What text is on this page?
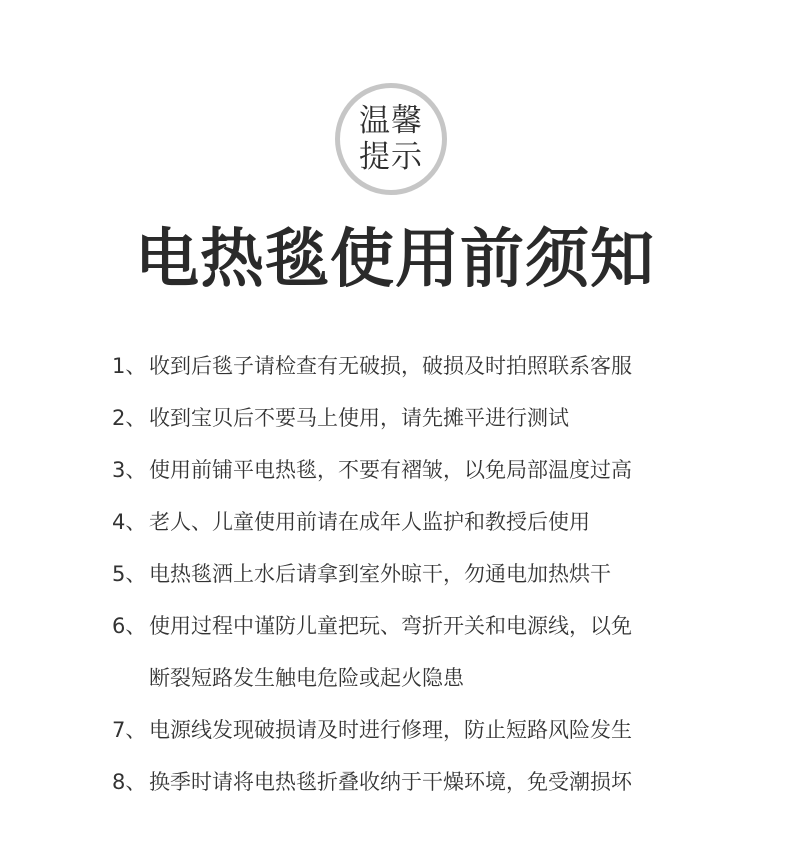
温馨
提示
电热毯使用前须知
1、 收到后毯子请检查有无破损，破损及时拍照联系客服
2、 收到宝贝后不要马上使用，请先摊平进行测试
3、 使用前铺平电热毯，不要有褶皱，以免局部温度过高
4、 老人、儿童使用前请在成年人监护和教授后使用
5、 电热毯洒上水后请拿到室外晾干，勿通电加热烘干
6、 使用过程中谨防儿童把玩、弯折开关和电源线，以免
断裂短路发生触电危险或起火隐患
7、 电源线发现破损请及时进行修理，防止短路风险发生
8、 换季时请将电热毯折叠收纳于干燥环境，免受潮损坏
